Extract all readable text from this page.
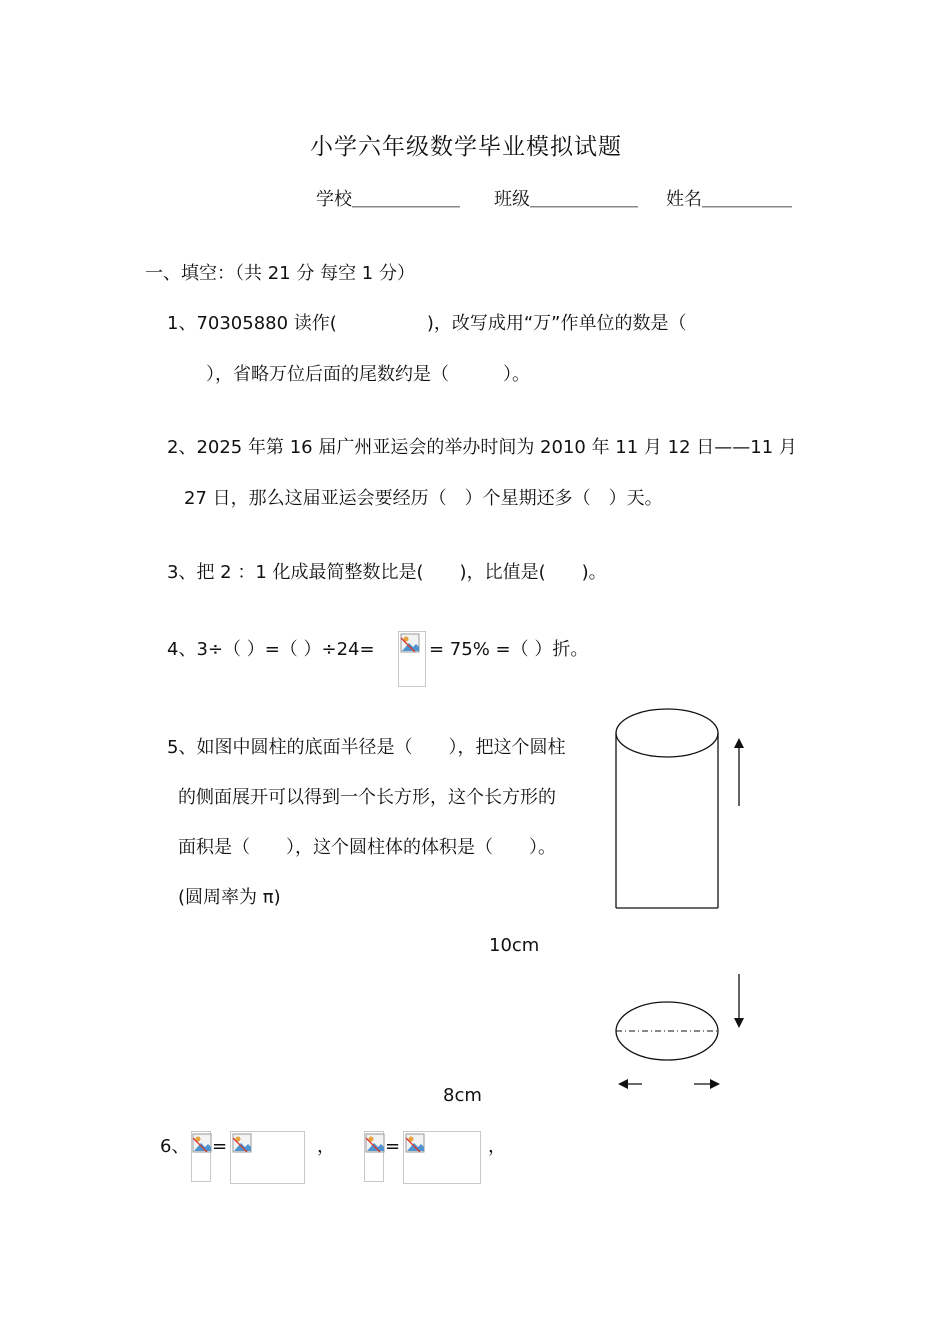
小学六年级数学毕业模拟试题
学校＿＿＿＿＿＿ 班级＿＿＿＿＿＿ 姓名＿＿＿＿＿
一、填空：（共 21 分 每空 1 分）
1、70305880 读作(　　　　　)，改写成用“万”作单位的数是（
），省略万位后面的尾数约是（　　　）。
2、2025 年第 16 届广州亚运会的举办时间为 2010 年 11 月 12 日——11 月
27 日，那么这届亚运会要经历（　）个星期还多（　）天。
3、把 2 ：1 化成最简整数比是(　　)，比值是(　　)。
4、3÷（ ）=（ ）÷24=	= 75% =（ ）折。
5、如图中圆柱的底面半径是（　　），把这个圆柱
的侧面展开可以得到一个长方形，这个长方形的
面积是（　　），这个圆柱体的体积是（　　）。
(圆周率为 π)
10cm
8cm
6、 =	，	=	，
